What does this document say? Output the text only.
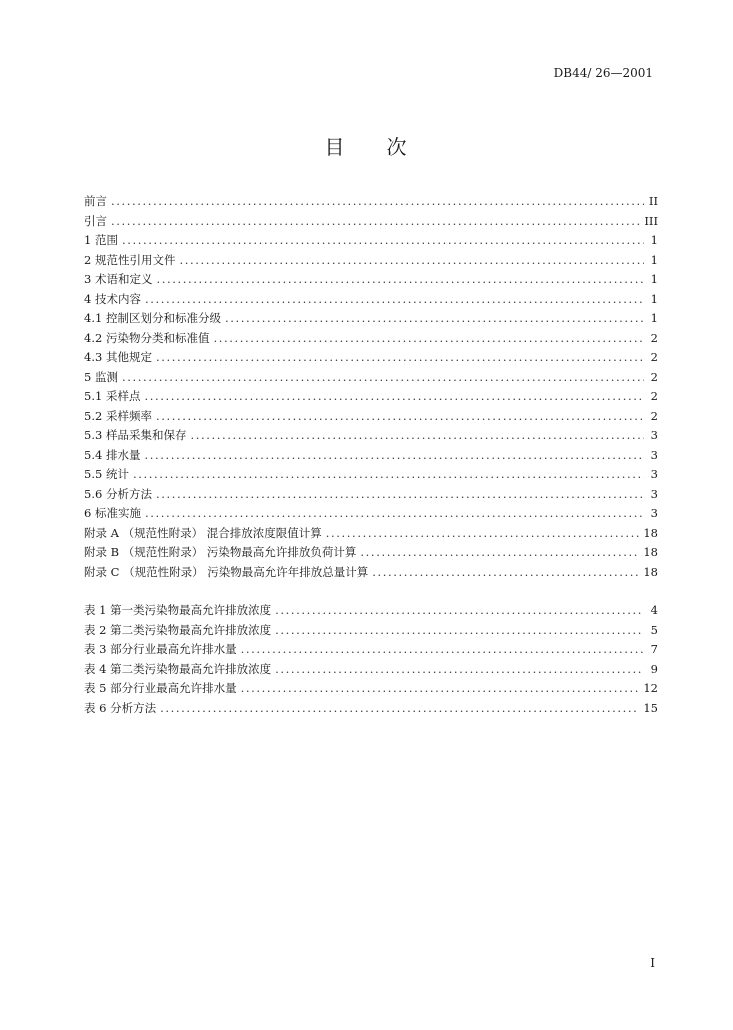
DB44/ 26—2001
目 次
前言 .....	II
引言 .....	III
1 范围 .....	1
2 规范性引用文件 .....	1
3 术语和定义 .....	1
4 技术内容 .....	1
4.1 控制区划分和标准分级 .....	1
4.2 污染物分类和标准值 .....	2
4.3 其他规定 .....	2
5 监测 .....	2
5.1 采样点 .....	2
5.2 采样频率 .....	2
5.3 样品采集和保存 .....	3
5.4 排水量 .....	3
5.5 统计 .....	3
5.6 分析方法 .....	3
6 标准实施 .....	3
附录 A （规范性附录） 混合排放浓度限值计算 .....	18
附录 B （规范性附录） 污染物最高允许排放负荷计算 .....	18
附录 C （规范性附录） 污染物最高允许年排放总量计算 .....	18
表 1 第一类污染物最高允许排放浓度 .....	4
表 2 第二类污染物最高允许排放浓度 .....	5
表 3 部分行业最高允许排水量 .....	7
表 4 第二类污染物最高允许排放浓度 .....	9
表 5 部分行业最高允许排水量 .....	12
表 6 分析方法 .....	15
I
